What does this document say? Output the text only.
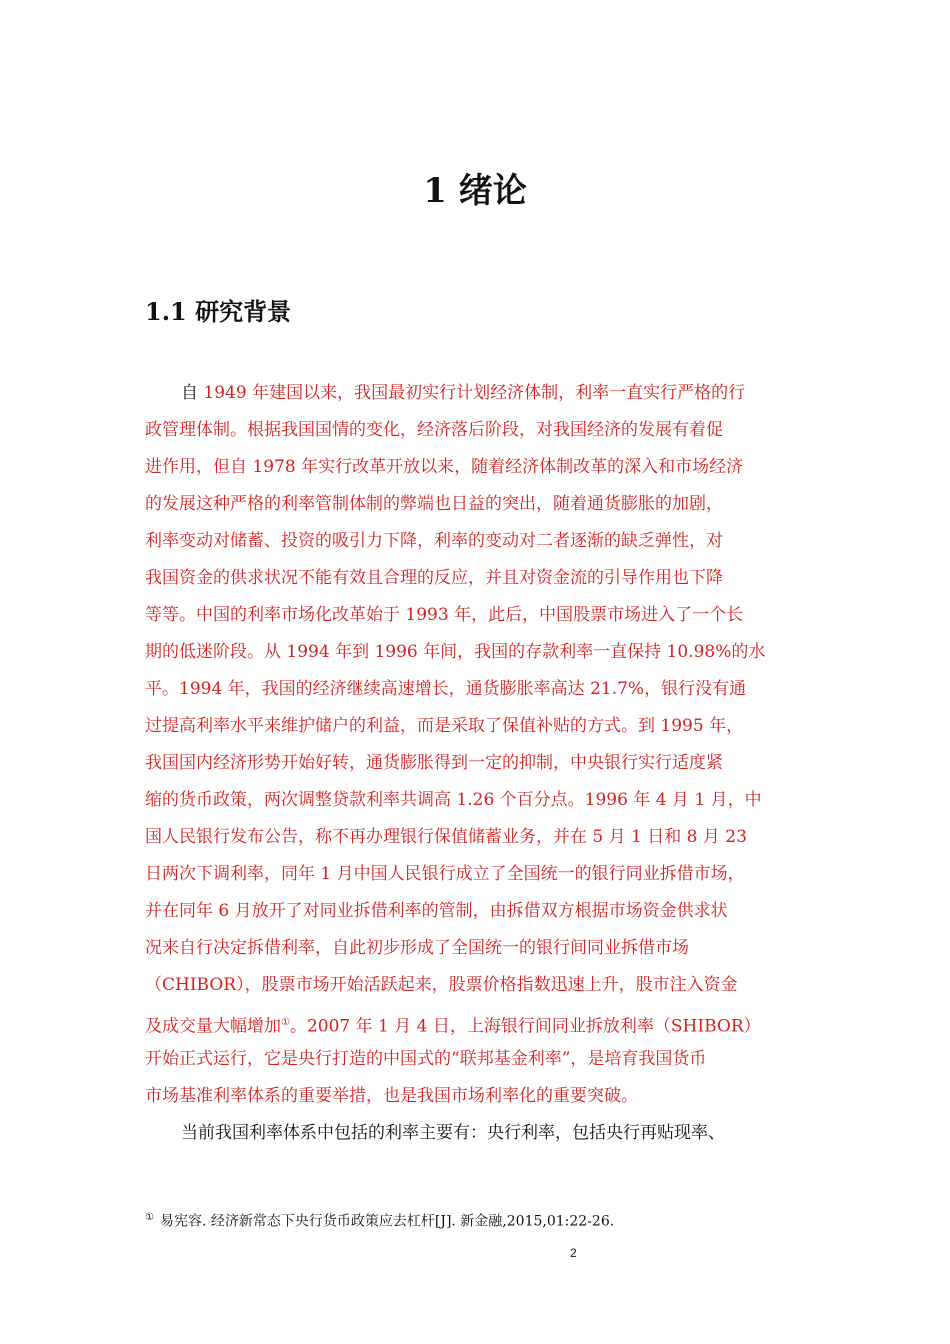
1 绪论
1.1 研究背景
自 1949 年建国以来，我国最初实行计划经济体制，利率一直实行严格的行
政管理体制。根据我国国情的变化，经济落后阶段，对我国经济的发展有着促
进作用，但自 1978 年实行改革开放以来，随着经济体制改革的深入和市场经济
的发展这种严格的利率管制体制的弊端也日益的突出，随着通货膨胀的加剧，
利率变动对储蓄、投资的吸引力下降，利率的变动对二者逐渐的缺乏弹性，对
我国资金的供求状况不能有效且合理的反应，并且对资金流的引导作用也下降
等等。中国的利率市场化改革始于 1993 年，此后，中国股票市场进入了一个长
期的低迷阶段。从 1994 年到 1996 年间，我国的存款利率一直保持 10.98%的水
平。1994 年，我国的经济继续高速增长，通货膨胀率高达 21.7%，银行没有通
过提高利率水平来维护储户的利益，而是采取了保值补贴的方式。到 1995 年，
我国国内经济形势开始好转，通货膨胀得到一定的抑制，中央银行实行适度紧
缩的货币政策，两次调整贷款利率共调高 1.26 个百分点。1996 年 4 月 1 月，中
国人民银行发布公告，称不再办理银行保值储蓄业务，并在 5 月 1 日和 8 月 23
日两次下调利率，同年 1 月中国人民银行成立了全国统一的银行同业拆借市场，
并在同年 6 月放开了对同业拆借利率的管制，由拆借双方根据市场资金供求状
况来自行决定拆借利率，自此初步形成了全国统一的银行间同业拆借市场
（CHIBOR），股票市场开始活跃起来，股票价格指数迅速上升，股市注入资金
及成交量大幅增加①。2007 年 1 月 4 日，上海银行间同业拆放利率（SHIBOR）
开始正式运行，它是央行打造的中国式的“联邦基金利率”，是培育我国货币
市场基准利率体系的重要举措，也是我国市场利率化的重要突破。
当前我国利率体系中包括的利率主要有：央行利率，包括央行再贴现率、
① 易宪容. 经济新常态下央行货币政策应去杠杆[J]. 新金融,2015,01:22-26.
2
